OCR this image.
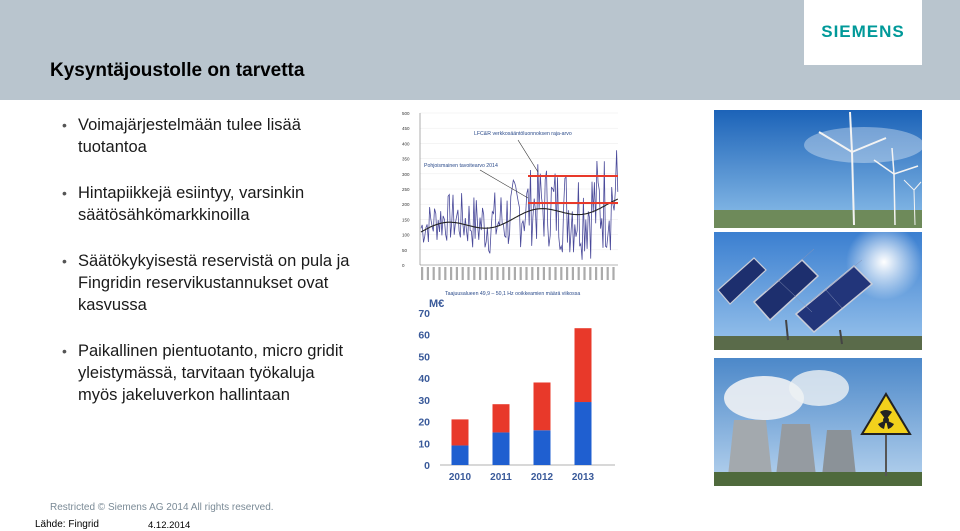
SIEMENS
Kysyntäjoustolle on tarvetta
• Voimajärjestelmään tulee lisää tuotantoa
• Hintapiikkejä esiintyy, varsinkin säätösähkömarkkinoilla
• Säätökykyisestä reservistä on pula ja Fingridin reservikustannukset ovat kasvussa
• Paikallinen pientuotanto, micro gridit yleistymässä, tarvitaan työkaluja myös jakeluverkon hallintaan
500
450
400
350
300
250
200
150
100
50
0
LFC&R verkkosääntöluonnoksen raja-arvo
Pohjoismainen tavoitearvo 2014
Taajuusalueen 49,9 – 50,1 Hz ooikkeamien määrä viikossa
M€
0
10
20
30
40
50
60
70
2010 2011 2012 2013
Restricted © Siemens AG 2014 All rights reserved.
Lähde: Fingrid	4.12.2014
